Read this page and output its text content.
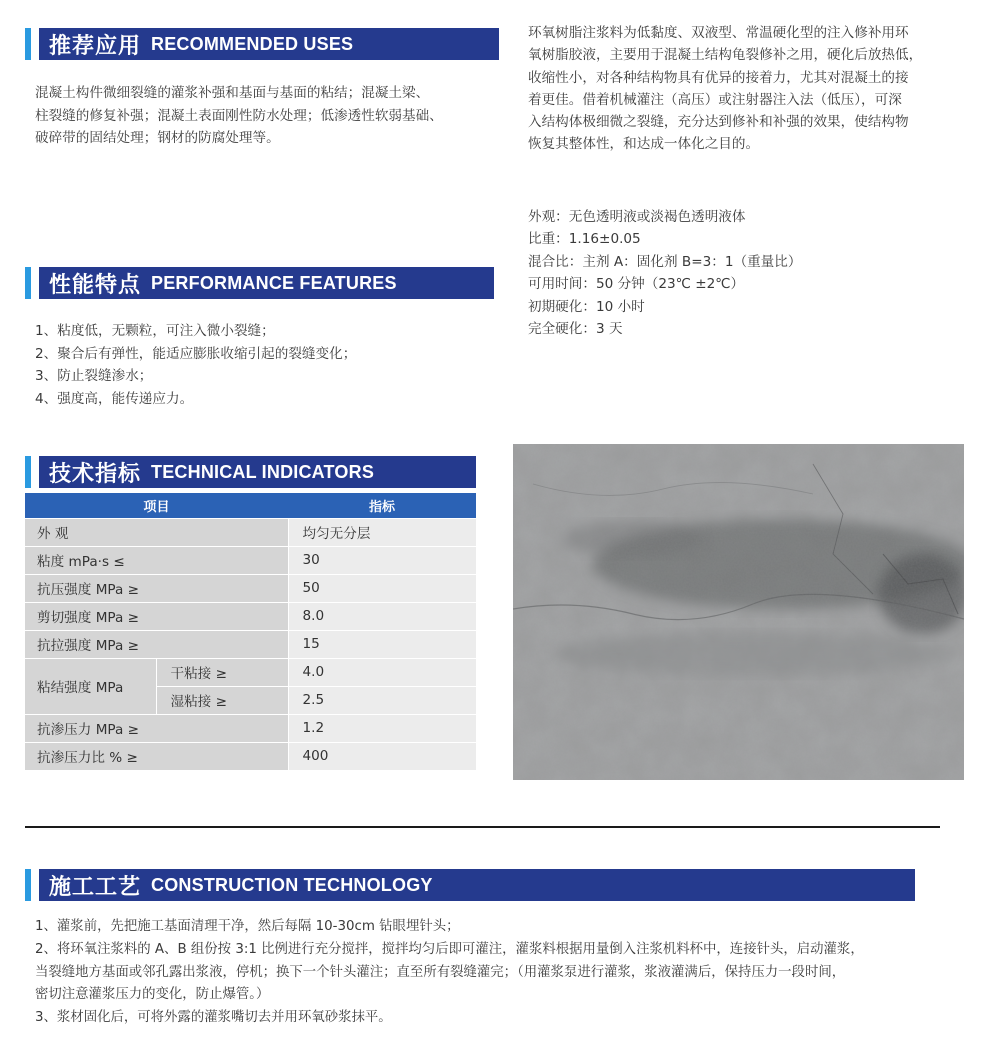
推荐应用 RECOMMENDED USES

混凝土构件微细裂缝的灌浆补强和基面与基面的粘结；混凝土梁、

柱裂缝的修复补强；混凝土表面刚性防水处理；低渗透性软弱基础、

破碎带的固结处理；钢材的防腐处理等。

环氧树脂注浆料为低黏度、双液型、常温硬化型的注入修补用环

氧树脂胶液，主要用于混凝土结构龟裂修补之用，硬化后放热低，

收缩性小，对各种结构物具有优异的接着力，尤其对混凝土的接

着更佳。借着机械灌注（高压）或注射器注入法（低压），可深

入结构体极细微之裂缝，充分达到修补和补强的效果，使结构物

恢复其整体性，和达成一体化之目的。

外观：无色透明液或淡褐色透明液体

比重：1.16±0.05

混合比：主剂 A：固化剂 B=3：1（重量比）

可用时间：50 分钟（23℃ ±2℃）

初期硬化：10 小时

完全硬化：3 天

性能特点 PERFORMANCE FEATURES

1、粘度低，无颗粒，可注入微小裂缝；

2、聚合后有弹性，能适应膨胀收缩引起的裂缝变化；

3、防止裂缝渗水；

4、强度高，能传递应力。

技术指标 TECHNICAL INDICATORS
项目		指标
外 观		均匀无分层
粘度 mPa·s ≤		30
抗压强度 MPa ≥		50
剪切强度 MPa ≥		8.0
抗拉强度 MPa ≥		15
粘结强度 MPa	干粘接 ≥	4.0
	湿粘接 ≥	2.5
抗渗压力 MPa ≥		1.2
抗渗压力比 % ≥		400
施工工艺 CONSTRUCTION TECHNOLOGY

1、灌浆前，先把施工基面清理干净，然后每隔 10-30cm 钻眼埋针头；

2、将环氧注浆料的 A、B 组份按 3:1 比例进行充分搅拌，搅拌均匀后即可灌注，灌浆料根据用量倒入注浆机料杯中，连接针头，启动灌浆，

当裂缝地方基面或邻孔露出浆液，停机；换下一个针头灌注；直至所有裂缝灌完；（用灌浆泵进行灌浆，浆液灌满后，保持压力一段时间，

密切注意灌浆压力的变化，防止爆管。）

3、浆材固化后，可将外露的灌浆嘴切去并用环氧砂浆抹平。
